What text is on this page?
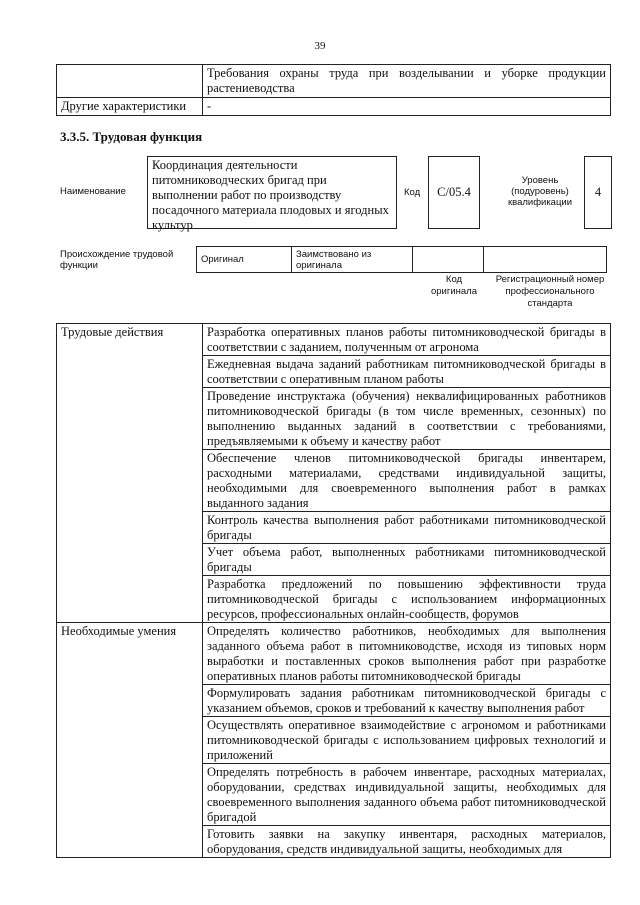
39
	Требования охраны труда при возделывании и уборке продукции растениеводства
Другие характеристики	-
3.3.5. Трудовая функция
Наименование
Координация деятельности питомниководческих бригад при выполнении работ по производству посадочного материала плодовых и ягодных культур
Код	С/05.4
Уровень (подуровень) квалификации
4
Происхождение трудовой функции
Оригинал	Заимствовано из оригинала		
Код оригинала
Регистрационный номер профессионального стандарта
Трудовые действия	Разработка оперативных планов работы питомниководческой бригады в соответствии с заданием, полученным от агронома
	Ежедневная выдача заданий работникам питомниководческой бригады в соответствии с оперативным планом работы
	Проведение инструктажа (обучения) неквалифицированных работников питомниководческой бригады (в том числе временных, сезонных) по выполнению выданных заданий в соответствии с требованиями, предъявляемыми к объему и качеству работ
	Обеспечение членов питомниководческой бригады инвентарем, расходными материалами, средствами индивидуальной защиты, необходимыми для своевременного выполнения работ в рамках выданного задания
	Контроль качества выполнения работ работниками питомниководческой бригады
	Учет объема работ, выполненных работниками питомниководческой бригады
	Разработка предложений по повышению эффективности труда питомниководческой бригады с использованием информационных ресурсов, профессиональных онлайн-сообществ, форумов
Необходимые умения	Определять количество работников, необходимых для выполнения заданного объема работ в питомниководстве, исходя из типовых норм выработки и поставленных сроков выполнения работ при разработке оперативных планов работы питомниководческой бригады
	Формулировать задания работникам питомниководческой бригады с указанием объемов, сроков и требований к качеству выполнения работ
	Осуществлять оперативное взаимодействие с агрономом и работниками питомниководческой бригады с использованием цифровых технологий и приложений
	Определять потребность в рабочем инвентаре, расходных материалах, оборудовании, средствах индивидуальной защиты, необходимых для своевременного выполнения заданного объема работ питомниководческой бригадой
	Готовить заявки на закупку инвентаря, расходных материалов, оборудования, средств индивидуальной защиты, необходимых для
